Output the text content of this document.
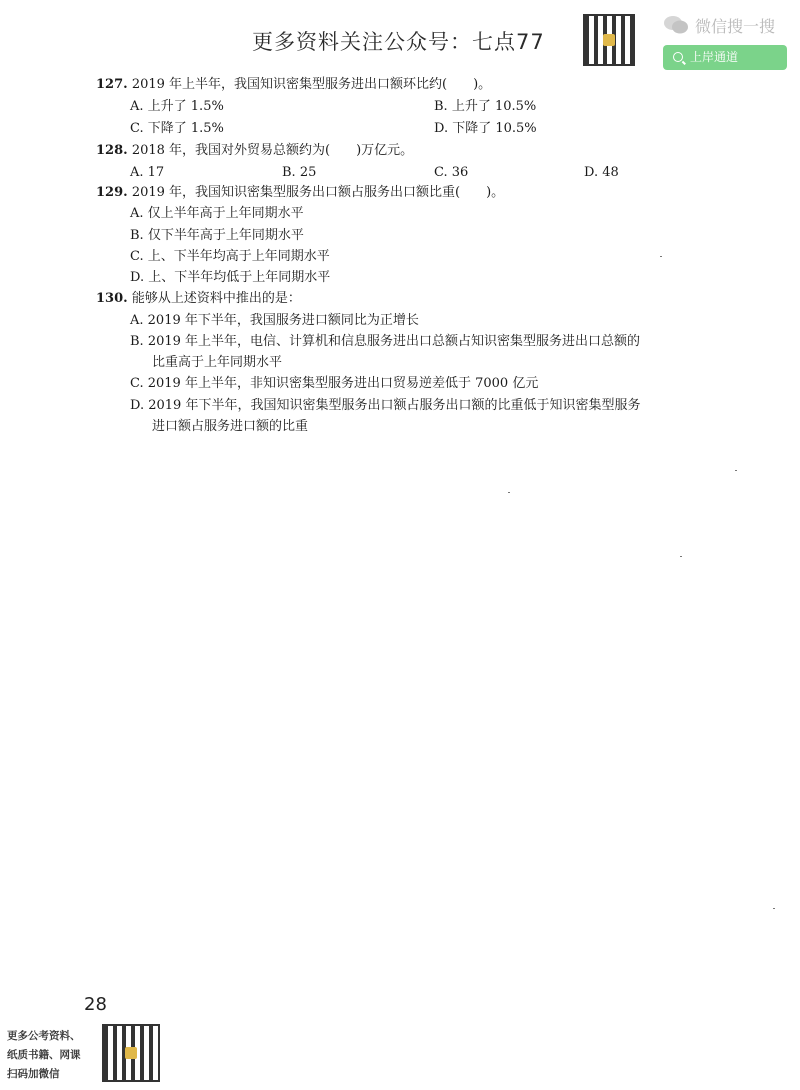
更多资料关注公众号：七点77
微信搜一搜
上岸通道
127. 2019 年上半年，我国知识密集型服务进出口额环比约(　　)。
A. 上升了 1.5%	B. 上升了 10.5%
C. 下降了 1.5%	D. 下降了 10.5%
128. 2018 年，我国对外贸易总额约为(　　)万亿元。
A. 17	B. 25	C. 36	D. 48
129. 2019 年，我国知识密集型服务出口额占服务出口额比重(　　)。
A. 仅上半年高于上年同期水平
B. 仅下半年高于上年同期水平
C. 上、下半年均高于上年同期水平
D. 上、下半年均低于上年同期水平
130. 能够从上述资料中推出的是：
A. 2019 年下半年，我国服务进口额同比为正增长
B. 2019 年上半年，电信、计算机和信息服务进出口总额占知识密集型服务进出口总额的
比重高于上年同期水平
C. 2019 年上半年，非知识密集型服务进出口贸易逆差低于 7000 亿元
D. 2019 年下半年，我国知识密集型服务出口额占服务出口额的比重低于知识密集型服务
进口额占服务进口额的比重
28
更多公考资料、
纸质书籍、网课
扫码加微信
